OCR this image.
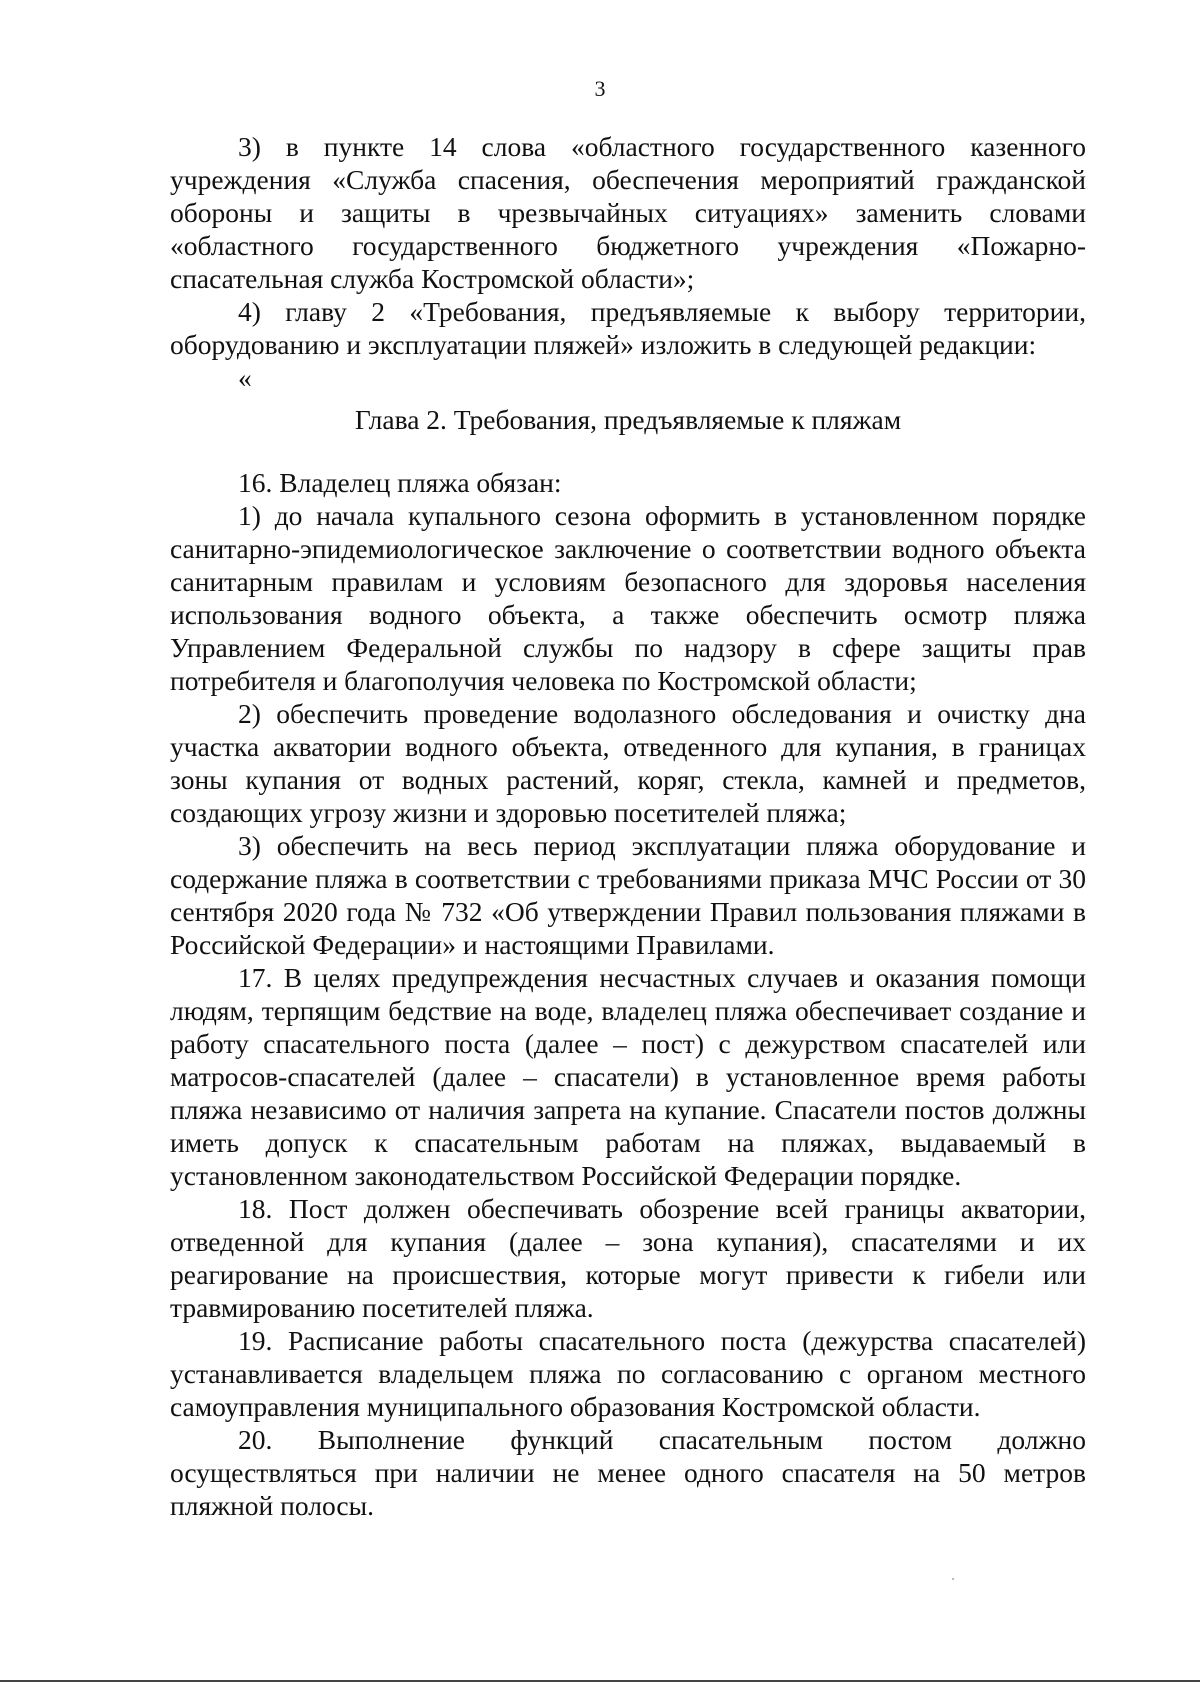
3

3) в пункте 14 слова «областного государственного казенного учреждения «Служба спасения, обеспечения мероприятий гражданской обороны и защиты в чрезвычайных ситуациях» заменить словами «областного государственного бюджетного учреждения «Пожарно-спасательная служба Костромской области»;

4) главу 2 «Требования, предъявляемые к выбору территории, оборудованию и эксплуатации пляжей» изложить в следующей редакции:

«

Глава 2. Требования, предъявляемые к пляжам

16. Владелец пляжа обязан:

1) до начала купального сезона оформить в установленном порядке санитарно-эпидемиологическое заключение о соответствии водного объекта санитарным правилам и условиям безопасного для здоровья населения использования водного объекта, а также обеспечить осмотр пляжа Управлением Федеральной службы по надзору в сфере защиты прав потребителя и благополучия человека по Костромской области;

2) обеспечить проведение водолазного обследования и очистку дна участка акватории водного объекта, отведенного для купания, в границах зоны купания от водных растений, коряг, стекла, камней и предметов, создающих угрозу жизни и здоровью посетителей пляжа;

3) обеспечить на весь период эксплуатации пляжа оборудование и содержание пляжа в соответствии с требованиями приказа МЧС России от 30 сентября 2020 года № 732 «Об утверждении Правил пользования пляжами в Российской Федерации» и настоящими Правилами.

17. В целях предупреждения несчастных случаев и оказания помощи людям, терпящим бедствие на воде, владелец пляжа обеспечивает создание и работу спасательного поста (далее – пост) с дежурством спасателей или матросов-спасателей (далее – спасатели) в установленное время работы пляжа независимо от наличия запрета на купание. Спасатели постов должны иметь допуск к спасательным работам на пляжах, выдаваемый в установленном законодательством Российской Федерации порядке.

18. Пост должен обеспечивать обозрение всей границы акватории, отведенной для купания (далее – зона купания), спасателями и их реагирование на происшествия, которые могут привести к гибели или травмированию посетителей пляжа.

19. Расписание работы спасательного поста (дежурства спасателей) устанавливается владельцем пляжа по согласованию с органом местного самоуправления муниципального образования Костромской области.

20. Выполнение функций спасательным постом должно осуществляться при наличии не менее одного спасателя на 50 метров пляжной полосы.
